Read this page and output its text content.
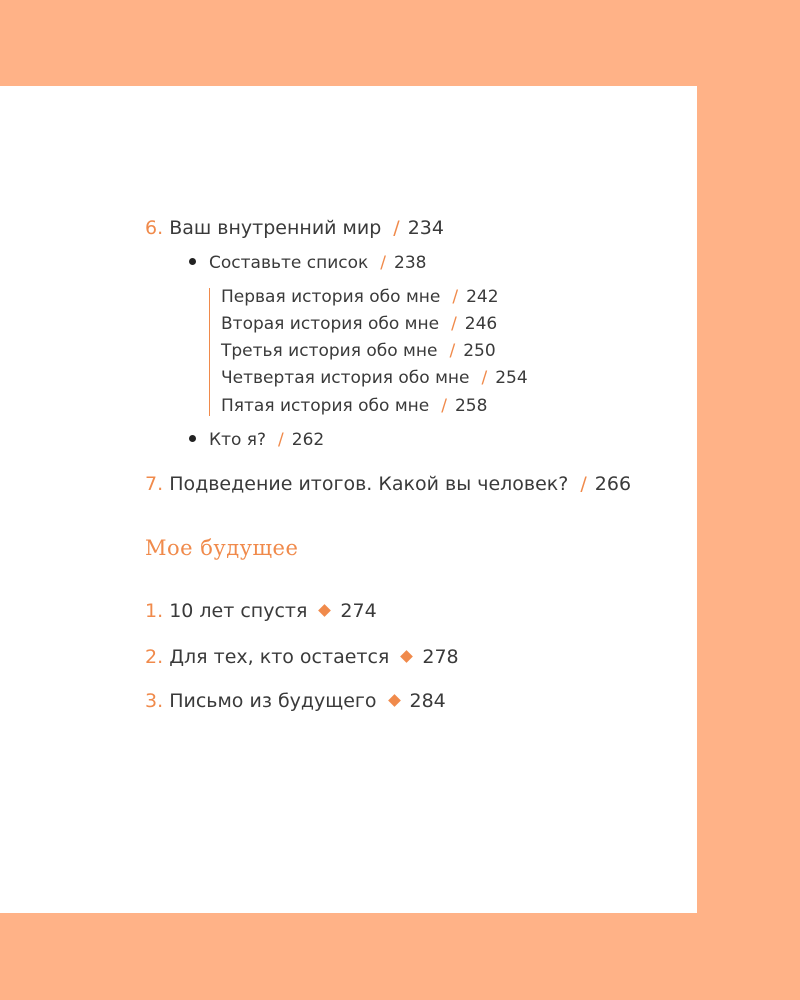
6. Ваш внутренний мир / 234
Составьте список / 238
Первая история обо мне / 242
Вторая история обо мне / 246
Третья история обо мне / 250
Четвертая история обо мне / 254
Пятая история обо мне / 258
Кто я? / 262
7. Подведение итогов. Какой вы человек? / 266
Мое будущее
1. 10 лет спустя 274
2. Для тех, кто остается 278
3. Письмо из будущего 284
